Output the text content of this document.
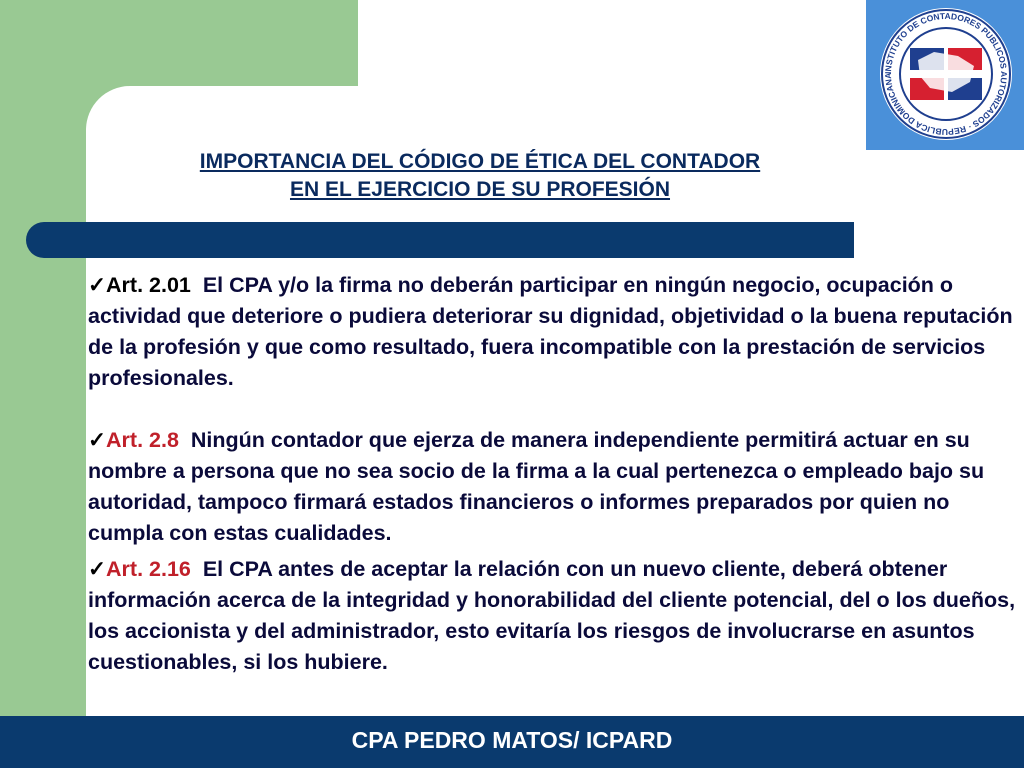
INSTITUTO DE CONTADORES PUBLICOS AUTORIZADOS · REPUBLICA DOMINICANA
IMPORTANCIA DEL CÓDIGO DE ÉTICA DEL CONTADOR
EN EL EJERCICIO DE SU PROFESIÓN

✓Art. 2.01 El CPA y/o la firma no deberán participar en ningún negocio, ocupación o actividad que deteriore o pudiera deteriorar su dignidad, objetividad o la buena reputación de la profesión y que como resultado, fuera incompatible con la prestación de servicios profesionales.

✓Art. 2.8 Ningún contador que ejerza de manera independiente permitirá actuar en su nombre a persona que no sea socio de la firma a la cual pertenezca o empleado bajo su autoridad, tampoco firmará estados financieros o informes preparados por quien no cumpla con estas cualidades.

✓Art. 2.16 El CPA antes de aceptar la relación con un nuevo cliente, deberá obtener información acerca de la integridad y honorabilidad del cliente potencial, del o los dueños, los accionista y del administrador, esto evitaría los riesgos de involucrarse en asuntos cuestionables, si los hubiere.

CPA PEDRO MATOS/ ICPARD
